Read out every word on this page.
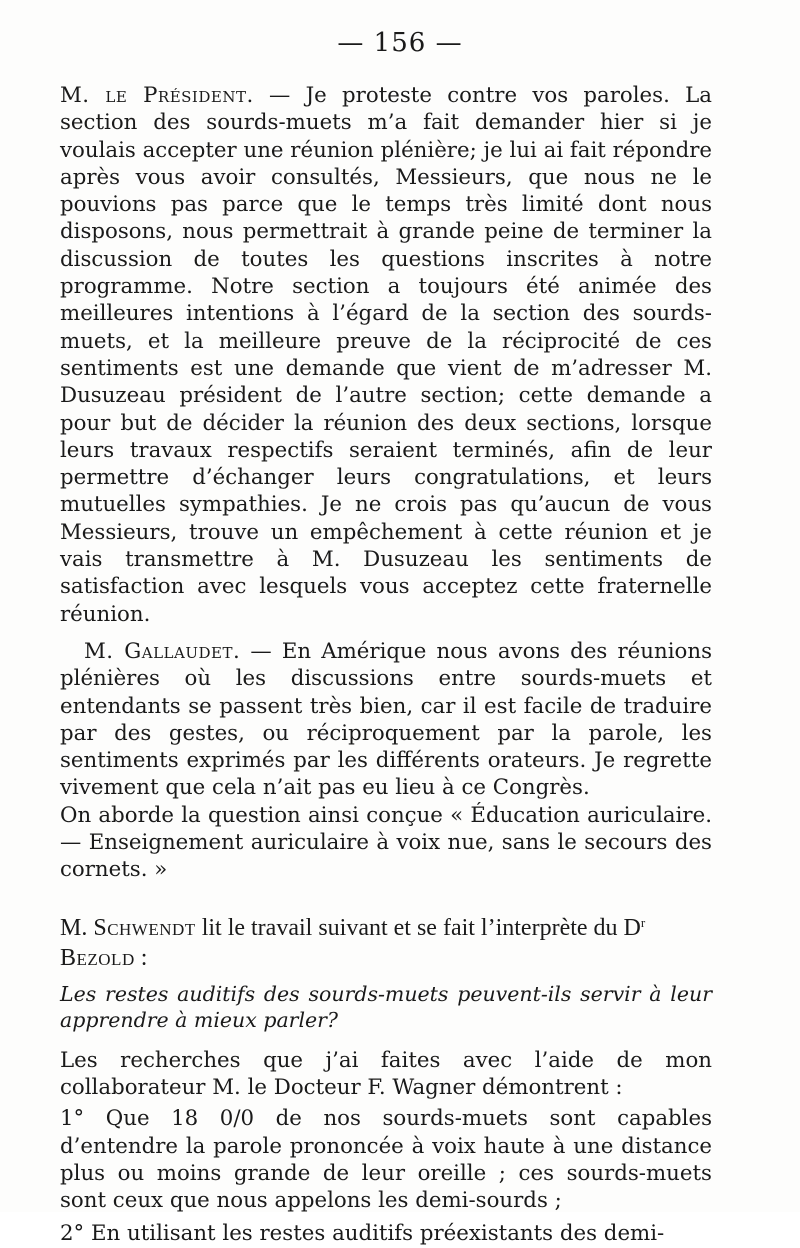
— 156 —

M. le Président. — Je proteste contre vos paroles. La section des sourds-muets m’a fait demander hier si je voulais accepter une réunion plénière; je lui ai fait répondre après vous avoir consultés, Messieurs, que nous ne le pouvions pas parce que le temps très limité dont nous disposons, nous permettrait à grande peine de terminer la discussion de toutes les questions inscrites à notre programme. Notre section a toujours été animée des meilleures intentions à l’égard de la section des sourds-muets, et la meilleure preuve de la réciprocité de ces sentiments est une demande que vient de m’adresser M. Dusuzeau président de l’autre section; cette demande a pour but de décider la réunion des deux sections, lorsque leurs travaux respectifs seraient terminés, afin de leur permettre d’échanger leurs congratulations, et leurs mutuelles sympathies. Je ne crois pas qu’aucun de vous Messieurs, trouve un empêchement à cette réunion et je vais transmettre à M. Dusuzeau les sentiments de satisfaction avec lesquels vous acceptez cette fraternelle réunion.

M. Gallaudet. — En Amérique nous avons des réunions plénières où les discussions entre sourds-muets et entendants se passent très bien, car il est facile de traduire par des gestes, ou réciproquement par la parole, les sentiments exprimés par les différents orateurs. Je regrette vivement que cela n’ait pas eu lieu à ce Congrès.

On aborde la question ainsi conçue « Éducation auriculaire. — Enseignement auriculaire à voix nue, sans le secours des cornets. »

M. Schwendt lit le travail suivant et se fait l’interprète du $D^r$ Bezold :

Les restes auditifs des sourds-muets peuvent-ils servir à leur apprendre à mieux parler?

Les recherches que j’ai faites avec l’aide de mon collaborateur M. le Docteur F. Wagner démontrent :

1° Que 18 0/0 de nos sourds-muets sont capables d’entendre la parole prononcée à voix haute à une distance plus ou moins grande de leur oreille ; ces sourds-muets sont ceux que nous appelons les demi-sourds ;

2° En utilisant les restes auditifs préexistants des demi-
